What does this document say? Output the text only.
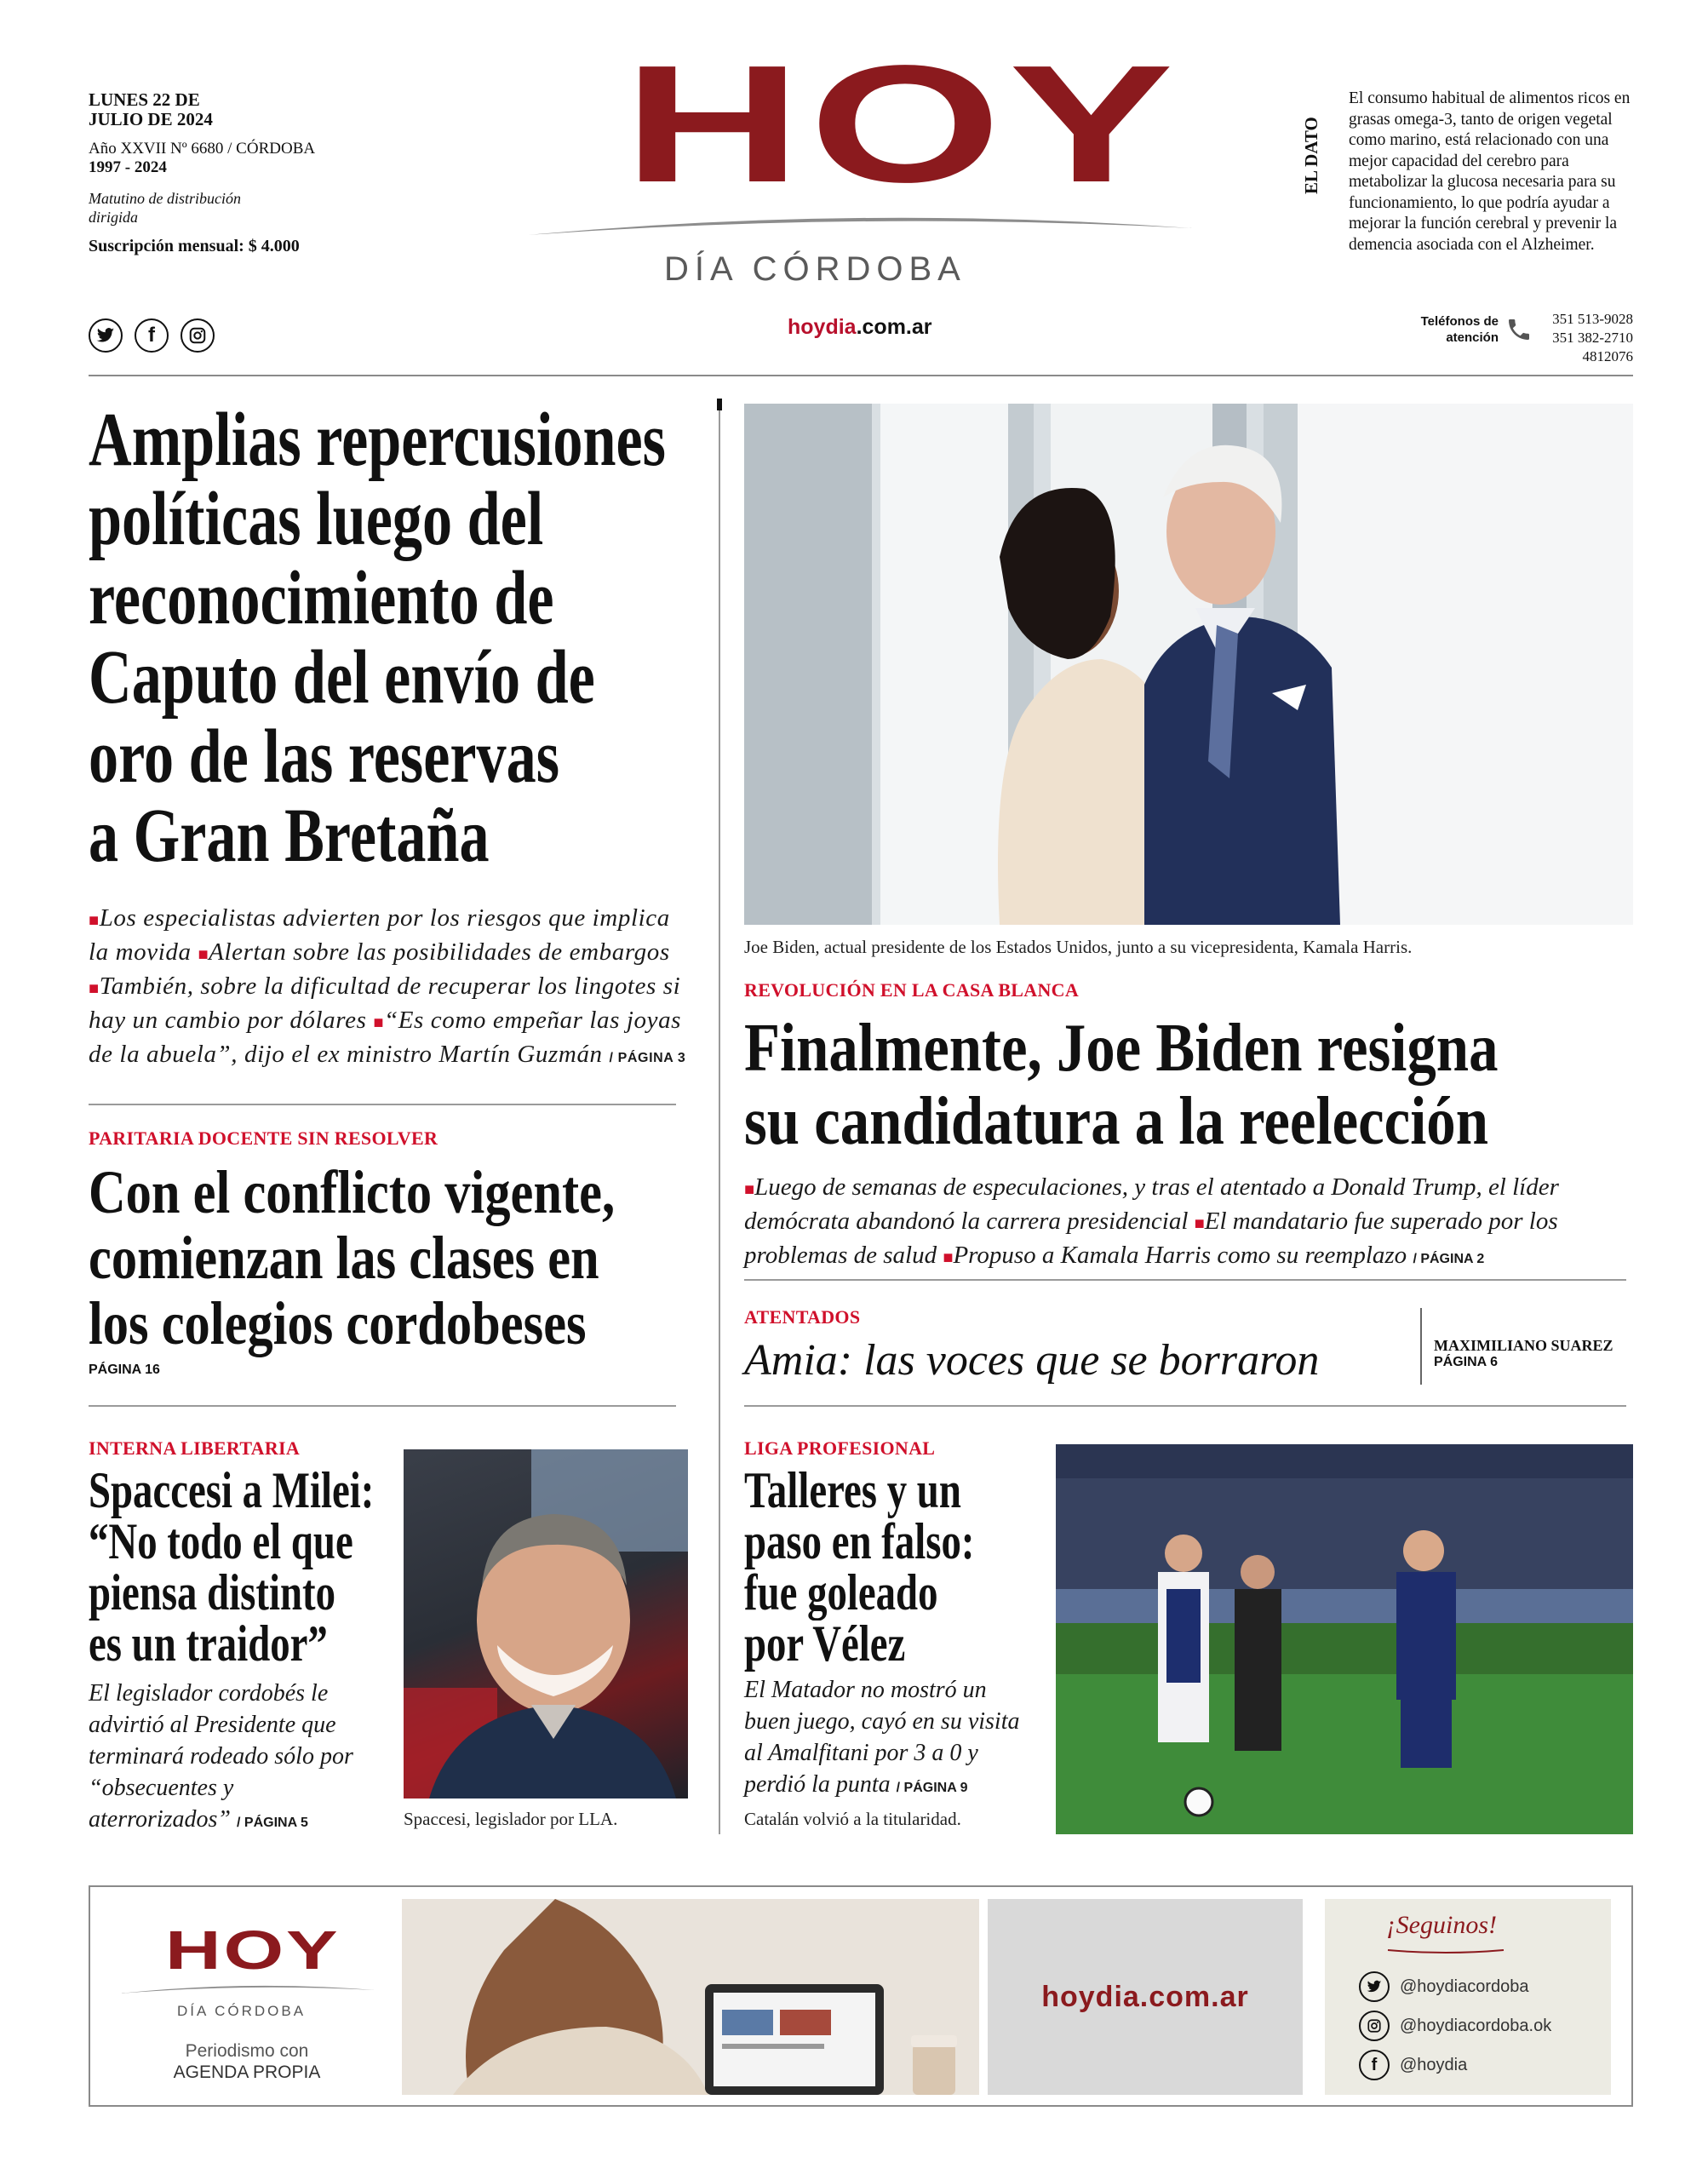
LUNES 22 DE JULIO DE 2024
Año XXVII Nº 6680 / CÓRDOBA
1997 - 2024
Matutino de distribución dirigida
Suscripción mensual: $ 4.000
f
HOY
DÍA CÓRDOBA
hoydia.com.ar
EL DATO
El consumo habitual de alimentos ricos en grasas omega-3, tanto de origen vegetal como marino, está relacionado con una mejor capacidad del cerebro para metabolizar la glucosa necesaria para su funcionamiento, lo que podría ayudar a mejorar la función cerebral y prevenir la demencia asociada con el Alzheimer.
Teléfonos de atención
351 513-9028
351 382-2710
4812076
Amplias repercusiones
políticas luego del
reconocimiento de
Caputo del envío de
oro de las reservas
a Gran Bretaña
■Los especialistas advierten por los riesgos que implica la movida ■Alertan sobre las posibilidades de embargos ■También, sobre la dificultad de recuperar los lingotes si hay un cambio por dólares ■“Es como empeñar las joyas de la abuela”, dijo el ex ministro Martín Guzmán / PÁGINA 3
PARITARIA DOCENTE SIN RESOLVER
Con el conflicto vigente,
comienzan las clases en
los colegios cordobeses
PÁGINA 16
INTERNA LIBERTARIA
Spaccesi a Milei:
“No todo el que
piensa distinto
es un traidor”
El legislador cordobés le advirtió al Presidente que terminará rodeado sólo por “obsecuentes y aterrorizados” / PÁGINA 5	Spaccesi, legislador por LLA.
Joe Biden, actual presidente de los Estados Unidos, junto a su vicepresidenta, Kamala Harris.
REVOLUCIÓN EN LA CASA BLANCA
Finalmente, Joe Biden resigna
su candidatura a la reelección
■Luego de semanas de especulaciones, y tras el atentado a Donald Trump, el líder demócrata abandonó la carrera presidencial ■El mandatario fue superado por los problemas de salud ■Propuso a Kamala Harris como su reemplazo / PÁGINA 2
ATENTADOS
Amia: las voces que se borraron	MAXIMILIANO SUAREZ
PÁGINA 6
LIGA PROFESIONAL
Talleres y un
paso en falso:
fue goleado
por Vélez
El Matador no mostró un buen juego, cayó en su visita al Amalfitani por 3 a 0 y perdió la punta / PÁGINA 9
Catalán volvió a la titularidad.
HOY
DÍA CÓRDOBA
Periodismo con
AGENDA PROPIA
hoydia.com.ar
¡Seguinos!
@hoydiacordoba
@hoydiacordoba.ok
f @hoydia
